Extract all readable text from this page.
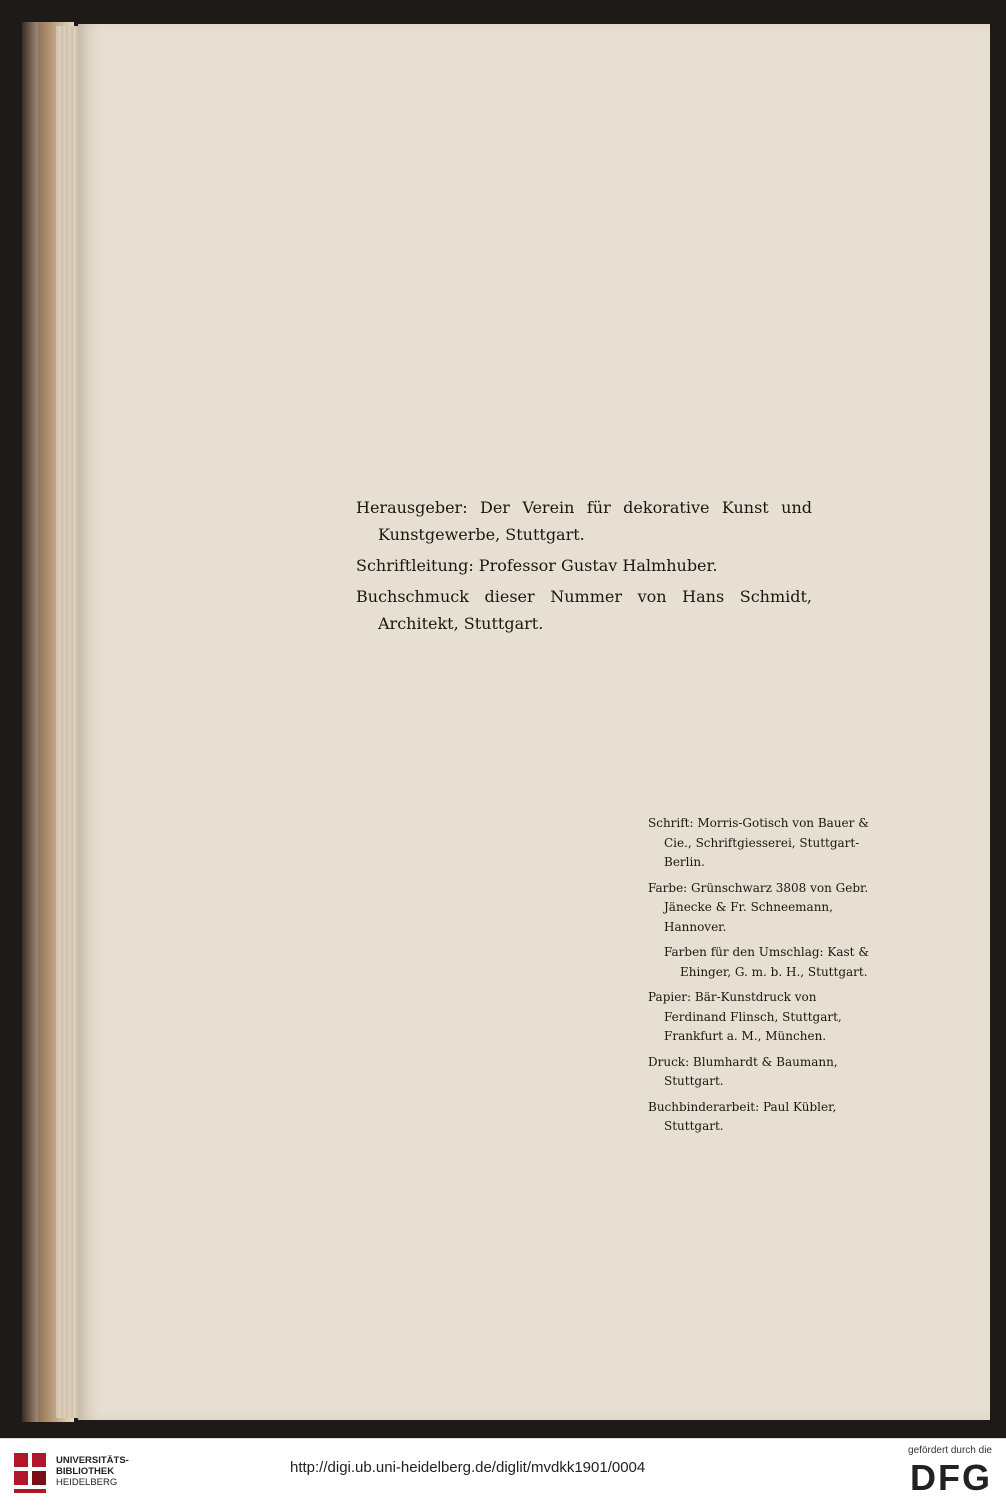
Herausgeber: Der Verein für dekorative Kunst und Kunstgewerbe, Stuttgart.

Schriftleitung: Professor Gustav Halmhuber.

Buchschmuck dieser Nummer von Hans Schmidt, Architekt, Stuttgart.

Schrift: Morris-Gotisch von Bauer & Cie., Schriftgiesserei, Stuttgart-Berlin.

Farbe: Grünschwarz 3808 von Gebr. Jänecke & Fr. Schneemann, Hannover.

Farben für den Umschlag: Kast & Ehinger, G. m. b. H., Stuttgart.

Papier: Bär-Kunstdruck von Ferdinand Flinsch, Stuttgart, Frankfurt a. M., München.

Druck: Blumhardt & Baumann, Stuttgart.

Buchbinderarbeit: Paul Kübler, Stuttgart.

UNIVERSITÄTS-
BIBLIOTHEK
HEIDELBERG
http://digi.ub.uni-heidelberg.de/diglit/mvdkk1901/0004
gefördert durch die
DFG
